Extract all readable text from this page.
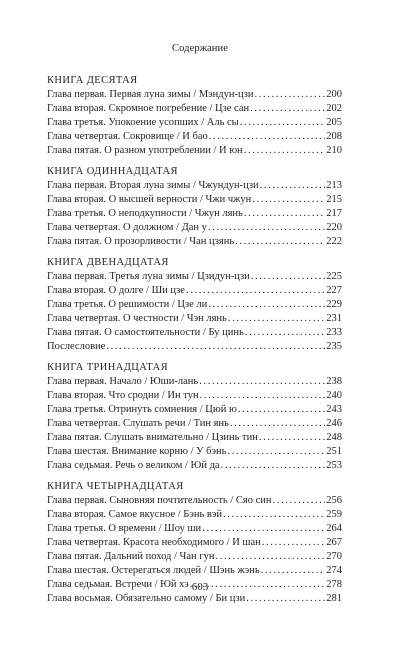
Содержание
КНИГА ДЕСЯТАЯ
Глава первая. Первая луна зимы / Мэндун-цзи . . .	200
Глава вторая. Скромное погребение / Цзе сан . . .	202
Глава третья. Упокоение усопших / Аль сы . . .	205
Глава четвертая. Сокровище / И бао . . .	208
Глава пятая. О разном употреблении / И юн . . .	210
КНИГА ОДИННАДЦАТАЯ
Глава первая. Вторая луна зимы / Чжундун-цзи . . .	213
Глава вторая. О высшей верности / Чжи чжун . . .	215
Глава третья. О неподкупности / Чжун лянь . . .	217
Глава четвертая. О должном / Дан у . . .	220
Глава пятая. О прозорливости / Чан цзянь . . .	222
КНИГА ДВЕНАДЦАТАЯ
Глава первая. Третья луна зимы / Цзидун-цзи . . .	225
Глава вторая. О долге / Ши цзе . . .	227
Глава третья. О решимости / Цзе ли . . .	229
Глава четвертая. О честности / Чэн лянь . . .	231
Глава пятая. О самостоятельности / Бу цинь . . .	233
Послесловие . . .	235
КНИГА ТРИНАДЦАТАЯ
Глава первая. Начало / Юши-лань . . .	238
Глава вторая. Что сродни / Ин тун . . .	240
Глава третья. Отринуть сомнения / Цюй ю . . .	243
Глава четвертая. Слушать речи / Тин янь . . .	246
Глава пятая. Слушать внимательно / Цзинь тин . . .	248
Глава шестая. Внимание корню / У бэнь . . .	251
Глава седьмая. Речь о великом / Юй да . . .	253
КНИГА ЧЕТЫРНАДЦАТАЯ
Глава первая. Сыновняя почтительность / Сяо син . . .	256
Глава вторая. Самое вкусное / Бэнь вэй . . .	259
Глава третья. О времени / Шоу ши . . .	264
Глава четвертая. Красота необходимого / И шан . . .	267
Глава пятая. Дальний поход / Чан гун . . .	270
Глава шестая. Остерегаться людей / Шэнь жэнь . . .	274
Глава седьмая. Встречи / Юй хэ . . .	278
Глава восьмая. Обязательно самому / Би цзи . . .	281
603
